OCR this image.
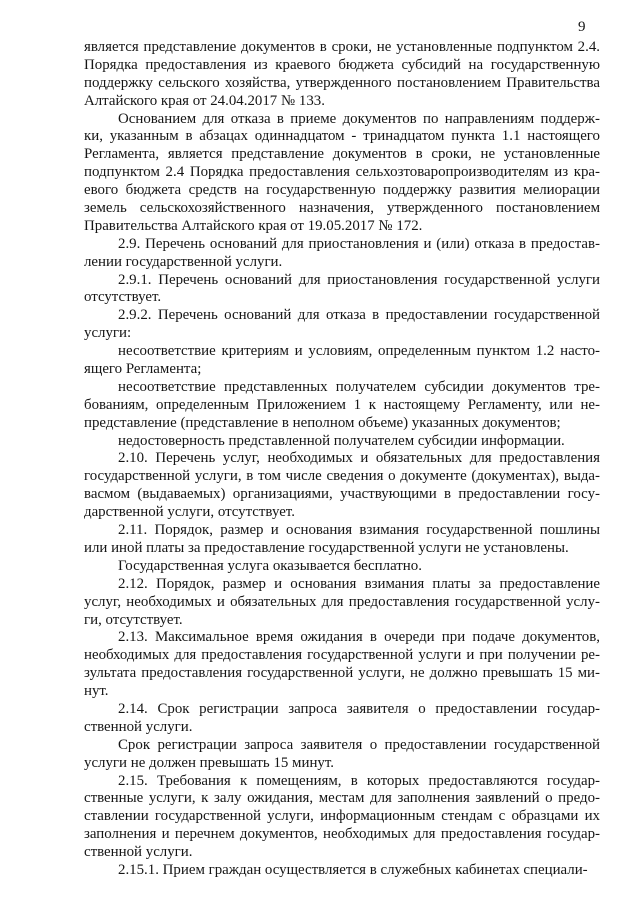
9
является представление документов в сроки, не установленные подпунктом 2.4.
Порядка предоставления из краевого бюджета субсидий на государственную
поддержку сельского хозяйства, утвержденного постановлением Правительства
Алтайского края от 24.04.2017 № 133.
Основанием для отказа в приеме документов по направлениям поддерж-
ки, указанным в абзацах одиннадцатом - тринадцатом пункта 1.1 настоящего
Регламента, является представление документов в сроки, не установленные
подпунктом 2.4 Порядка предоставления сельхозтоваропроизводителям из кра-
евого бюджета средств на государственную поддержку развития мелиорации
земель сельскохозяйственного назначения, утвержденного постановлением
Правительства Алтайского края от 19.05.2017 № 172.
2.9. Перечень оснований для приостановления и (или) отказа в предостав-
лении государственной услуги.
2.9.1. Перечень оснований для приостановления государственной услуги
отсутствует.
2.9.2. Перечень оснований для отказа в предоставлении государственной
услуги:
несоответствие критериям и условиям, определенным пунктом 1.2 насто-
ящего Регламента;
несоответствие представленных получателем субсидии документов тре-
бованиям, определенным Приложением 1 к настоящему Регламенту, или не-
представление (представление в неполном объеме) указанных документов;
недостоверность представленной получателем субсидии информации.
2.10. Перечень услуг, необходимых и обязательных для предоставления
государственной услуги, в том числе сведения о документе (документах), выда-
васмом (выдаваемых) организациями, участвующими в предоставлении госу-
дарственной услуги, отсутствует.
2.11. Порядок, размер и основания взимания государственной пошлины
или иной платы за предоставление государственной услуги не установлены.
Государственная услуга оказывается бесплатно.
2.12. Порядок, размер и основания взимания платы за предоставление
услуг, необходимых и обязательных для предоставления государственной услу-
ги, отсутствует.
2.13. Максимальное время ожидания в очереди при подаче документов,
необходимых для предоставления государственной услуги и при получении ре-
зультата предоставления государственной услуги, не должно превышать 15 ми-
нут.
2.14. Срок регистрации запроса заявителя о предоставлении государ-
ственной услуги.
Срок регистрации запроса заявителя о предоставлении государственной
услуги не должен превышать 15 минут.
2.15. Требования к помещениям, в которых предоставляются государ-
ственные услуги, к залу ожидания, местам для заполнения заявлений о предо-
ставлении государственной услуги, информационным стендам с образцами их
заполнения и перечнем документов, необходимых для предоставления государ-
ственной услуги.
2.15.1. Прием граждан осуществляется в служебных кабинетах специали-
